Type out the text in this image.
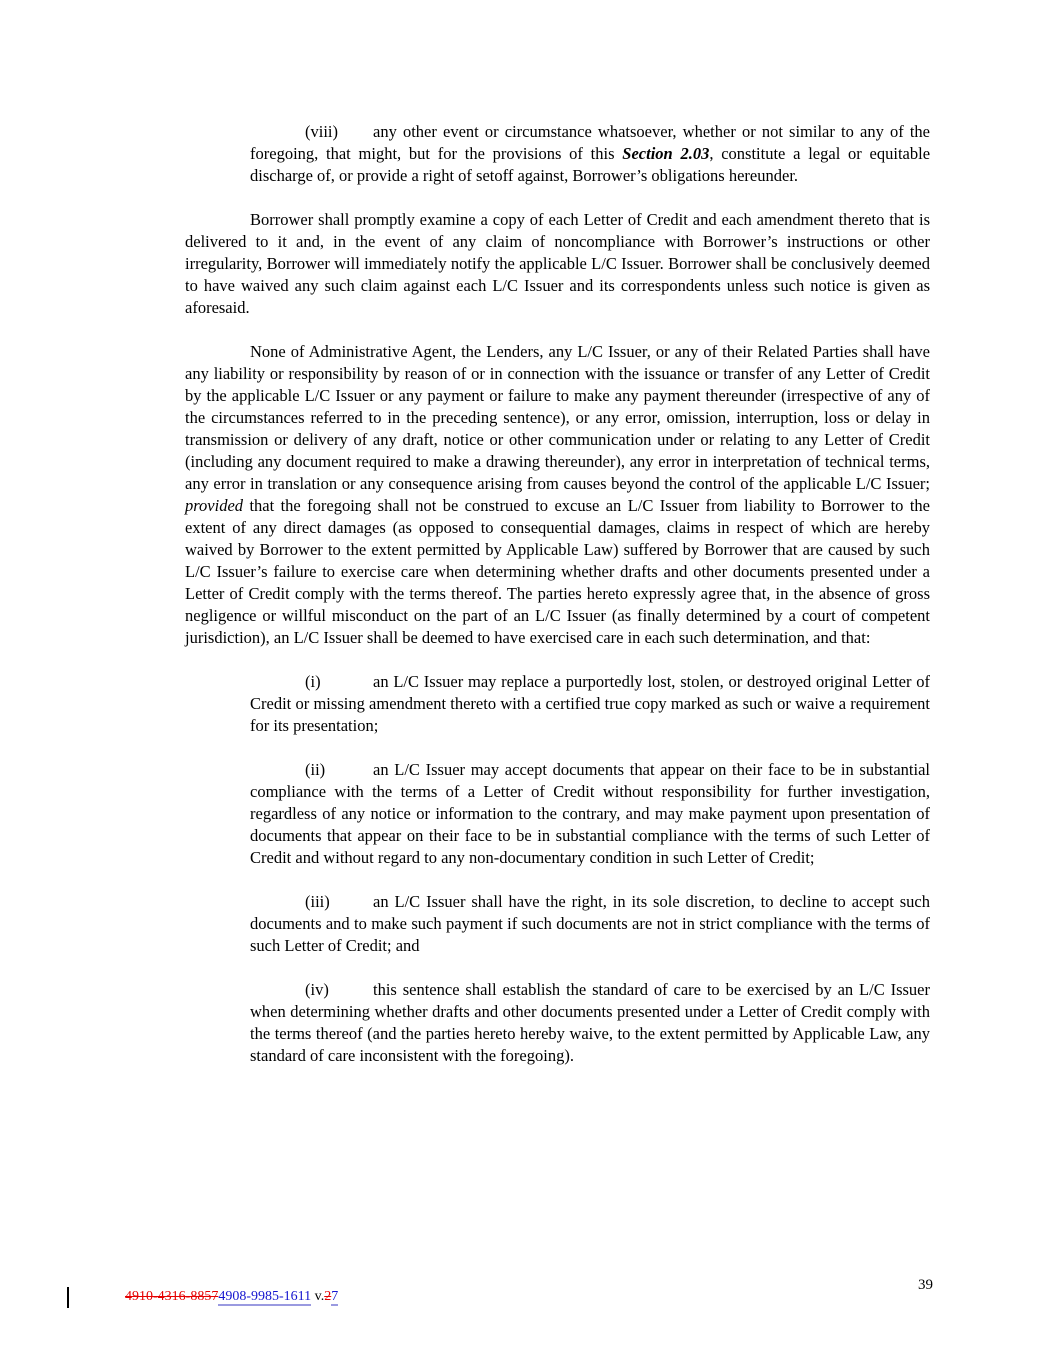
(viii) any other event or circumstance whatsoever, whether or not similar to any of the foregoing, that might, but for the provisions of this Section 2.03, constitute a legal or equitable discharge of, or provide a right of setoff against, Borrower’s obligations hereunder.

Borrower shall promptly examine a copy of each Letter of Credit and each amendment thereto that is delivered to it and, in the event of any claim of noncompliance with Borrower’s instructions or other irregularity, Borrower will immediately notify the applicable L/C Issuer. Borrower shall be conclusively deemed to have waived any such claim against each L/C Issuer and its correspondents unless such notice is given as aforesaid.

None of Administrative Agent, the Lenders, any L/C Issuer, or any of their Related Parties shall have any liability or responsibility by reason of or in connection with the issuance or transfer of any Letter of Credit by the applicable L/C Issuer or any payment or failure to make any payment thereunder (irrespective of any of the circumstances referred to in the preceding sentence), or any error, omission, interruption, loss or delay in transmission or delivery of any draft, notice or other communication under or relating to any Letter of Credit (including any document required to make a drawing thereunder), any error in interpretation of technical terms, any error in translation or any consequence arising from causes beyond the control of the applicable L/C Issuer; provided that the foregoing shall not be construed to excuse an L/C Issuer from liability to Borrower to the extent of any direct damages (as opposed to consequential damages, claims in respect of which are hereby waived by Borrower to the extent permitted by Applicable Law) suffered by Borrower that are caused by such L/C Issuer’s failure to exercise care when determining whether drafts and other documents presented under a Letter of Credit comply with the terms thereof. The parties hereto expressly agree that, in the absence of gross negligence or willful misconduct on the part of an L/C Issuer (as finally determined by a court of competent jurisdiction), an L/C Issuer shall be deemed to have exercised care in each such determination, and that:

(i)	an L/C Issuer may replace a purportedly lost, stolen, or destroyed original Letter of Credit or missing amendment thereto with a certified true copy marked as such or waive a requirement for its presentation;

(ii)	an L/C Issuer may accept documents that appear on their face to be in substantial compliance with the terms of a Letter of Credit without responsibility for further investigation, regardless of any notice or information to the contrary, and may make payment upon presentation of documents that appear on their face to be in substantial compliance with the terms of such Letter of Credit and without regard to any non-documentary condition in such Letter of Credit;

(iii)	an L/C Issuer shall have the right, in its sole discretion, to decline to accept such documents and to make such payment if such documents are not in strict compliance with the terms of such Letter of Credit; and

(iv)	this sentence shall establish the standard of care to be exercised by an L/C Issuer when determining whether drafts and other documents presented under a Letter of Credit comply with the terms thereof (and the parties hereto hereby waive, to the extent permitted by Applicable Law, any standard of care inconsistent with the foregoing).

4910-4316-88574908-9985-1611 v.27
39
